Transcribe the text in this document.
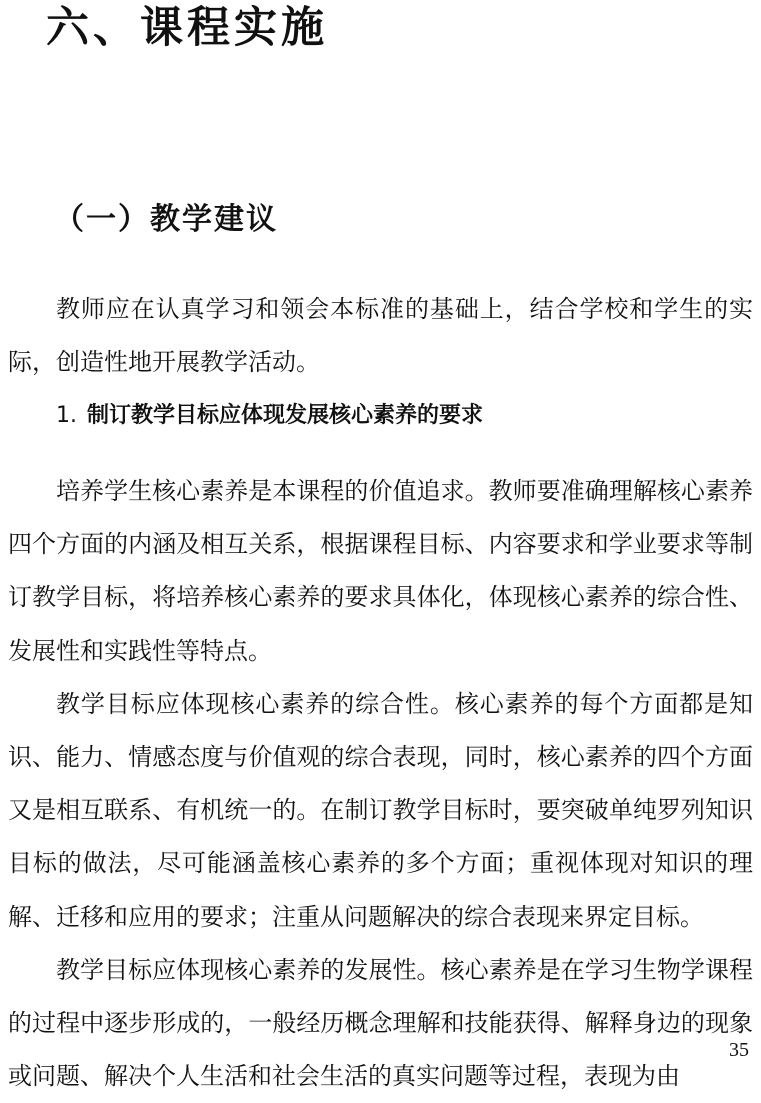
六、课程实施
（一）教学建议

教师应在认真学习和领会本标准的基础上，结合学校和学生的实际，创造性地开展教学活动。

1. 制订教学目标应体现发展核心素养的要求

培养学生核心素养是本课程的价值追求。教师要准确理解核心素养四个方面的内涵及相互关系，根据课程目标、内容要求和学业要求等制订教学目标，将培养核心素养的要求具体化，体现核心素养的综合性、发展性和实践性等特点。

教学目标应体现核心素养的综合性。核心素养的每个方面都是知识、能力、情感态度与价值观的综合表现，同时，核心素养的四个方面又是相互联系、有机统一的。在制订教学目标时，要突破单纯罗列知识目标的做法，尽可能涵盖核心素养的多个方面；重视体现对知识的理解、迁移和应用的要求；注重从问题解决的综合表现来界定目标。

教学目标应体现核心素养的发展性。核心素养是在学习生物学课程的过程中逐步形成的，一般经历概念理解和技能获得、解释身边的现象或问题、解决个人生活和社会生活的真实问题等过程，表现为由

35
